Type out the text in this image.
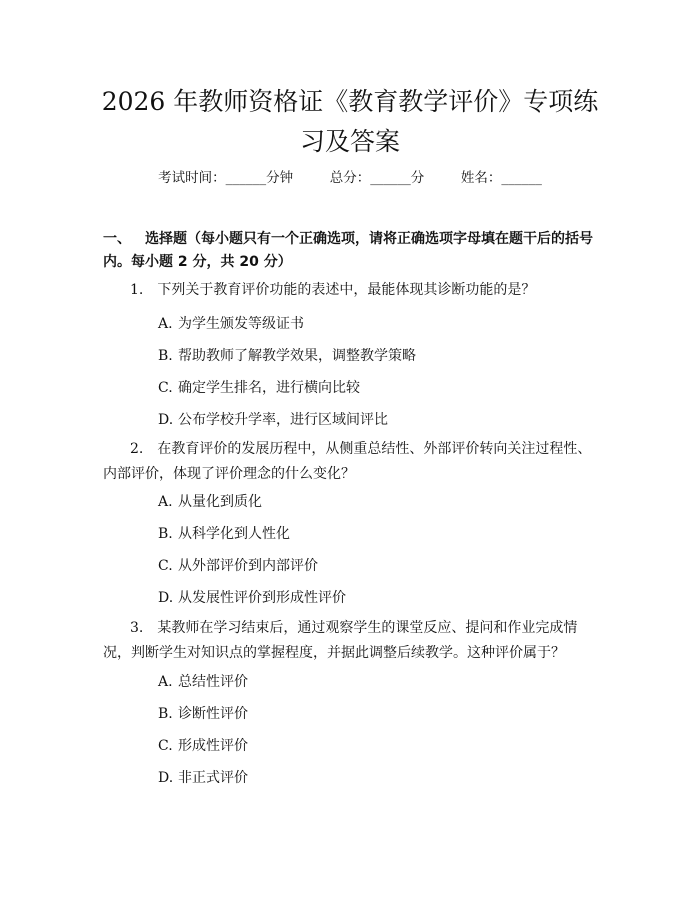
2026 年教师资格证《教育教学评价》专项练习及答案
考试时间：______分钟	总分：______分	姓名：______
一、 选择题（每小题只有一个正确选项，请将正确选项字母填在题干后的括号内。每小题 2 分，共 20 分）
1. 下列关于教育评价功能的表述中，最能体现其诊断功能的是？
A. 为学生颁发等级证书
B. 帮助教师了解教学效果，调整教学策略
C. 确定学生排名，进行横向比较
D. 公布学校升学率，进行区域间评比
2. 在教育评价的发展历程中，从侧重总结性、外部评价转向关注过程性、内部评价，体现了评价理念的什么变化？
A. 从量化到质化
B. 从科学化到人性化
C. 从外部评价到内部评价
D. 从发展性评价到形成性评价
3. 某教师在学习结束后，通过观察学生的课堂反应、提问和作业完成情况，判断学生对知识点的掌握程度，并据此调整后续教学。这种评价属于？
A. 总结性评价
B. 诊断性评价
C. 形成性评价
D. 非正式评价
